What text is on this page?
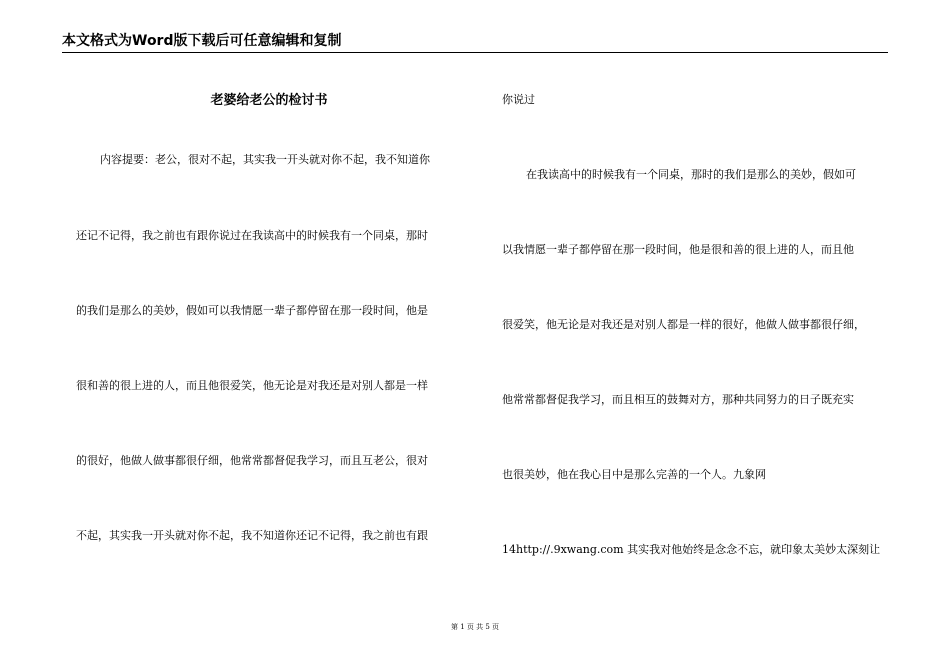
本文格式为Word版下载后可任意编辑和复制
老婆给老公的检讨书
内容提要：老公，很对不起，其实我一开头就对你不起，我不知道你
还记不记得，我之前也有跟你说过在我读高中的时候我有一个同桌，那时
的我们是那么的美妙，假如可以我情愿一辈子都停留在那一段时间，他是
很和善的很上进的人，而且他很爱笑，他无论是对我还是对别人都是一样
的很好，他做人做事都很仔细，他常常都督促我学习，而且互老公，很对
不起，其实我一开头就对你不起，我不知道你还记不记得，我之前也有跟
你说过
在我读高中的时候我有一个同桌，那时的我们是那么的美妙，假如可
以我情愿一辈子都停留在那一段时间，他是很和善的很上进的人，而且他
很爱笑，他无论是对我还是对别人都是一样的很好，他做人做事都很仔细，
他常常都督促我学习，而且相互的鼓舞对方，那种共同努力的日子既充实
也很美妙，他在我心目中是那么完善的一个人。九象网
14http://.9xwang.com 其实我对他始终是念念不忘，就印象太美妙太深刻让
第 1 页 共 5 页
